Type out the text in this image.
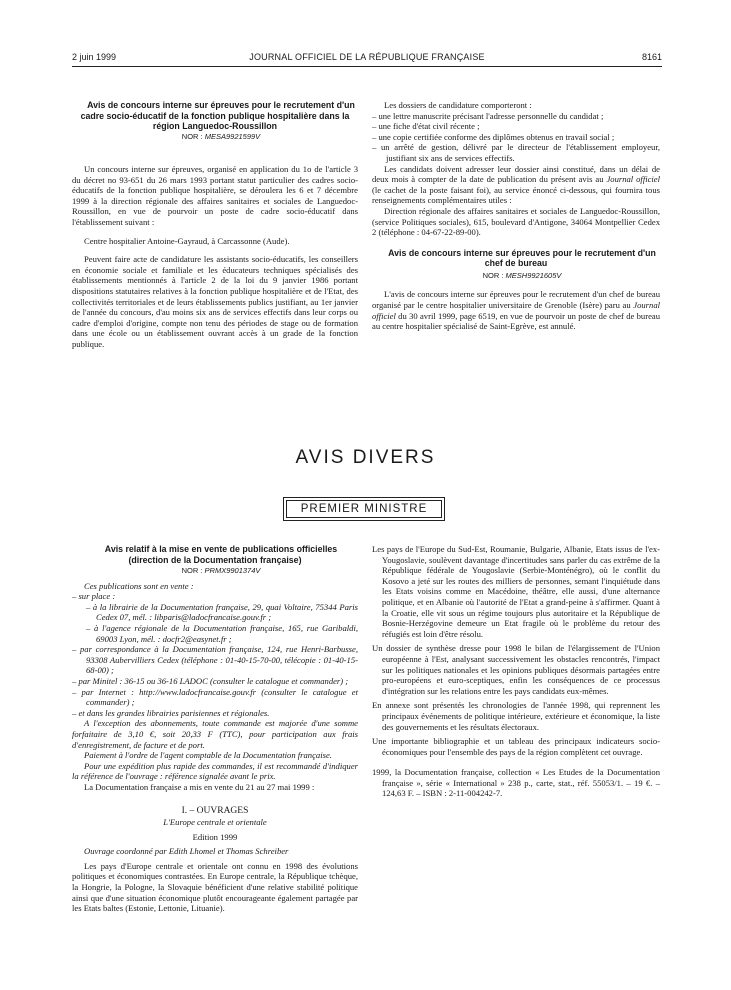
2 juin 1999	JOURNAL OFFICIEL DE LA RÉPUBLIQUE FRANÇAISE	8161

Avis de concours interne sur épreuves pour le recrutement d'un cadre socio-éducatif de la fonction publique hospitalière dans la région Languedoc-Roussillon

NOR : MESA9921599V

Un concours interne sur épreuves, organisé en application du 1o de l'article 3 du décret no 93-651 du 26 mars 1993 portant statut particulier des cadres socio-éducatifs de la fonction publique hospitalière, se déroulera les 6 et 7 décembre 1999 à la direction régionale des affaires sanitaires et sociales de Languedoc-Roussillon, en vue de pourvoir un poste de cadre socio-éducatif dans l'établissement suivant :

Centre hospitalier Antoine-Gayraud, à Carcassonne (Aude).

Peuvent faire acte de candidature les assistants socio-éducatifs, les conseillers en économie sociale et familiale et les éducateurs techniques spécialisés des établissements mentionnés à l'article 2 de la loi du 9 janvier 1986 portant dispositions statutaires relatives à la fonction publique hospitalière et de l'Etat, des collectivités territoriales et de leurs établissements publics justifiant, au 1er janvier de l'année du concours, d'au moins six ans de services effectifs dans leur corps ou cadre d'emploi d'origine, compte non tenu des périodes de stage ou de formation dans une école ou un établissement ouvrant accès à un grade de la fonction publique.

Les dossiers de candidature comporteront :

– une lettre manuscrite précisant l'adresse personnelle du candidat ;

– une fiche d'état civil récente ;

– une copie certifiée conforme des diplômes obtenus en travail social ;

– un arrêté de gestion, délivré par le directeur de l'établissement employeur, justifiant six ans de services effectifs.

Les candidats doivent adresser leur dossier ainsi constitué, dans un délai de deux mois à compter de la date de publication du présent avis au Journal officiel (le cachet de la poste faisant foi), au service énoncé ci-dessous, qui fournira tous renseignements complémentaires utiles :

Direction régionale des affaires sanitaires et sociales de Languedoc-Roussillon, (service Politiques sociales), 615, boulevard d'Antigone, 34064 Montpellier Cedex 2 (téléphone : 04-67-22-89-00).

Avis de concours interne sur épreuves pour le recrutement d'un chef de bureau

NOR : MESH9921605V

L'avis de concours interne sur épreuves pour le recrutement d'un chef de bureau organisé par le centre hospitalier universitaire de Grenoble (Isère) paru au Journal officiel du 30 avril 1999, page 6519, en vue de pourvoir un poste de chef de bureau au centre hospitalier spécialisé de Saint-Egrève, est annulé.

AVIS DIVERS
PREMIER MINISTRE

Avis relatif à la mise en vente de publications officielles (direction de la Documentation française)

NOR : PRMX9901374V

Ces publications sont en vente :

– sur place :

– à la librairie de la Documentation française, 29, quai Voltaire, 75344 Paris Cedex 07, mél. : libparis@ladocfrancaise.gouv.fr ;

– à l'agence régionale de la Documentation française, 165, rue Garibaldi, 69003 Lyon, mél. : docfr2@easynet.fr ;

– par correspondance à la Documentation française, 124, rue Henri-Barbusse, 93308 Aubervilliers Cedex (téléphone : 01-40-15-70-00, télécopie : 01-40-15-68-00) ;

– par Minitel : 36-15 ou 36-16 LADOC (consulter le catalogue et commander) ;

– par Internet : http://www.ladocfrancaise.gouv.fr (consulter le catalogue et commander) ;

– et dans les grandes librairies parisiennes et régionales.

A l'exception des abonnements, toute commande est majorée d'une somme forfaitaire de 3,10 €, soit 20,33 F (TTC), pour participation aux frais d'enregistrement, de facture et de port.

Paiement à l'ordre de l'agent comptable de la Documentation française.

Pour une expédition plus rapide des commandes, il est recommandé d'indiquer la référence de l'ouvrage : référence signalée avant le prix.

La Documentation française a mis en vente du 21 au 27 mai 1999 :

I. – OUVRAGES

L'Europe centrale et orientale

Edition 1999

Ouvrage coordonné par Edith Lhomel et Thomas Schreiber

Les pays d'Europe centrale et orientale ont connu en 1998 des évolutions politiques et économiques contrastées. En Europe centrale, la République tchèque, la Hongrie, la Pologne, la Slovaquie bénéficient d'une relative stabilité politique ainsi que d'une situation économique plutôt encourageante également partagée par les Etats baltes (Estonie, Lettonie, Lituanie).

Les pays de l'Europe du Sud-Est, Roumanie, Bulgarie, Albanie, Etats issus de l'ex-Yougoslavie, soulèvent davantage d'incertitudes sans parler du cas extrême de la République fédérale de Yougoslavie (Serbie-Monténégro), où le conflit du Kosovo a jeté sur les routes des milliers de personnes, semant l'inquiétude dans les Etats voisins comme en Macédoine, théâtre, elle aussi, d'une alternance politique, et en Albanie où l'autorité de l'Etat a grand-peine à s'affirmer. Quant à la Croatie, elle vit sous un régime toujours plus autoritaire et la République de Bosnie-Herzégovine demeure un Etat fragile où le problème du retour des réfugiés est loin d'être résolu.

Un dossier de synthèse dresse pour 1998 le bilan de l'élargissement de l'Union européenne à l'Est, analysant successivement les obstacles rencontrés, l'impact sur les politiques nationales et les opinions publiques désormais partagées entre pro-européens et euro-sceptiques, enfin les conséquences de ce processus d'intégration sur les relations entre les pays candidats eux-mêmes.

En annexe sont présentés les chronologies de l'année 1998, qui reprennent les principaux événements de politique intérieure, extérieure et économique, la liste des gouvernements et les résultats électoraux.

Une importante bibliographie et un tableau des principaux indicateurs socio-économiques pour l'ensemble des pays de la région complètent cet ouvrage.

1999, la Documentation française, collection « Les Etudes de la Documentation française », série « International » 238 p., carte, stat., réf. 55053/1. – 19 €. – 124,63 F. – ISBN : 2-11-004242-7.
